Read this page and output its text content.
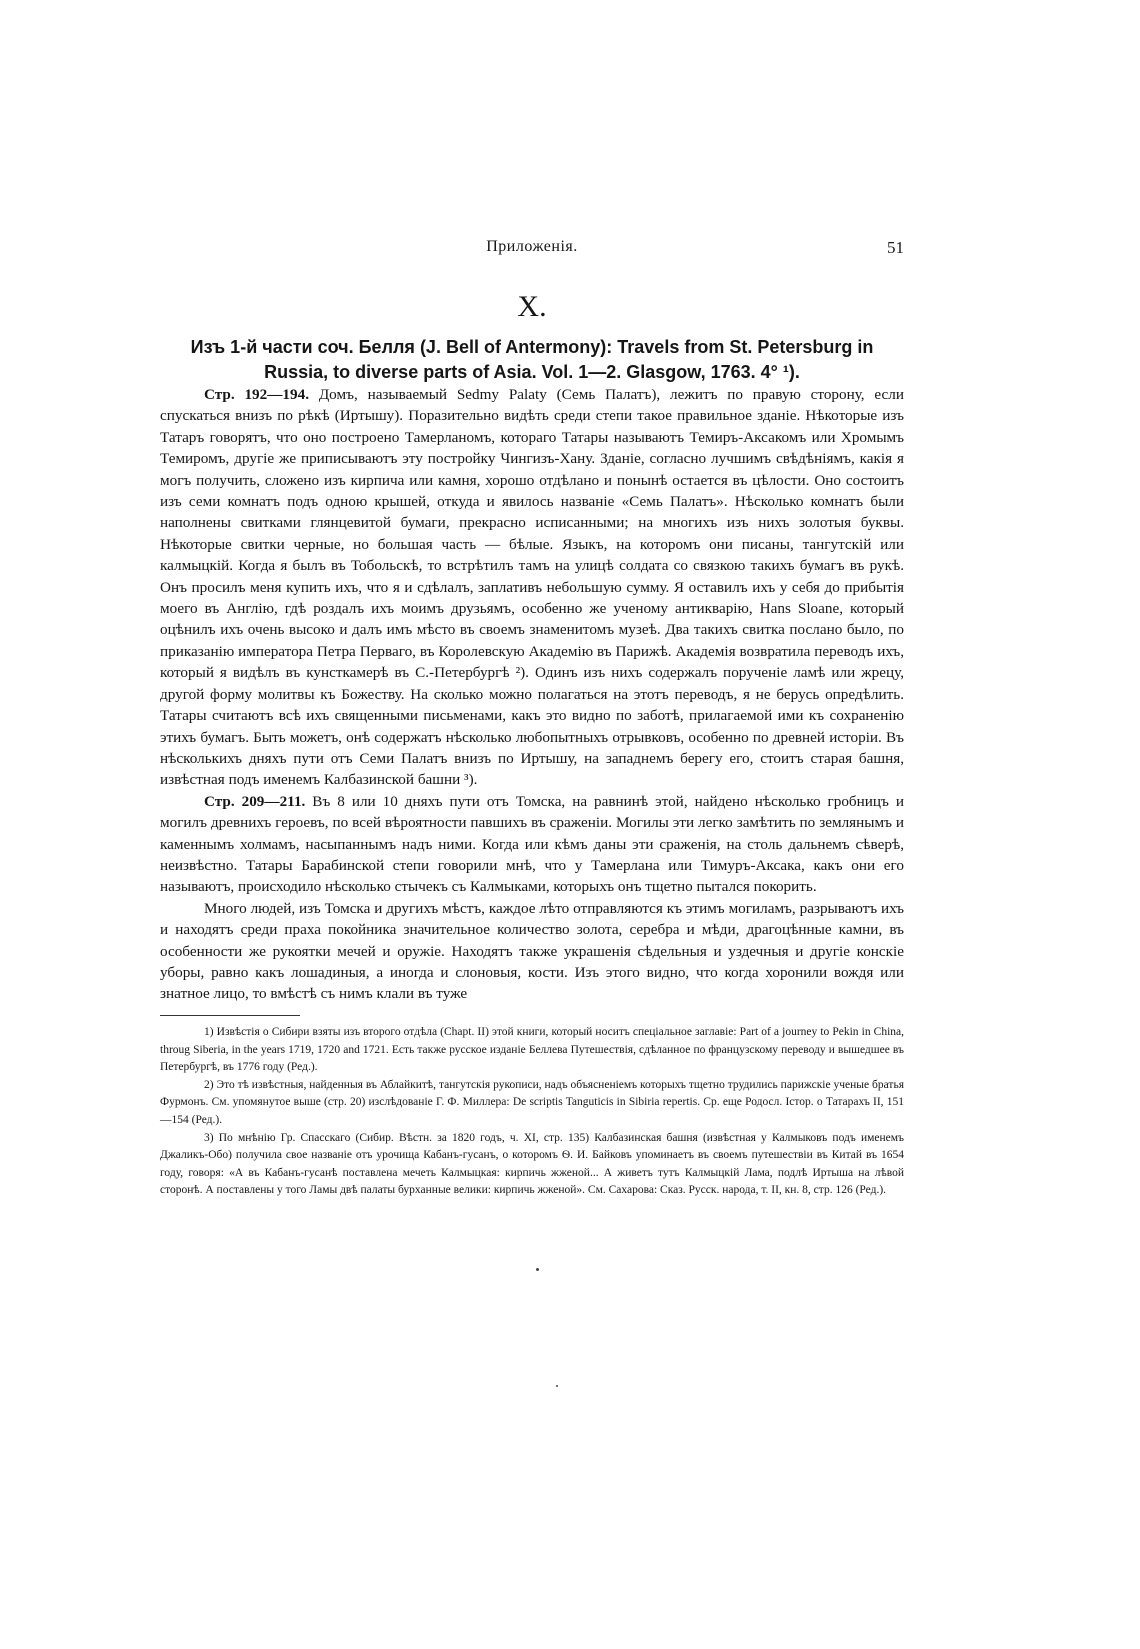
Приложенія.	51
X.
Изъ 1-й части соч. Белля (J. Bell of Antermony): Travels from St. Petersburg in Russia, to diverse parts of Asia. Vol. 1—2. Glasgow, 1763. 4° ¹).

Стр. 192—194. Домъ, называемый Sedmy Palaty (Семь Палатъ), лежитъ по правую сторону, если спускаться внизъ по рѣкѣ (Иртышу). Поразительно видѣть среди степи такое правильное зданіе. Нѣкоторые изъ Татаръ говорятъ, что оно построено Тамерланомъ, котораго Татары называютъ Темиръ-Аксакомъ или Хромымъ Темиромъ, другіе же приписываютъ эту постройку Чингизъ-Хану. Зданіе, согласно лучшимъ свѣдѣніямъ, какія я могъ получить, сложено изъ кирпича или камня, хорошо отдѣлано и понынѣ остается въ цѣлости. Оно состоитъ изъ семи комнатъ подъ одною крышей, откуда и явилось названіе «Семь Палатъ». Нѣсколько комнатъ были наполнены свитками глянцевитой бумаги, прекрасно исписанными; на многихъ изъ нихъ золотыя буквы. Нѣкоторые свитки черные, но большая часть — бѣлые. Языкъ, на которомъ они писаны, тангутскій или калмыцкій. Когда я былъ въ Тобольскѣ, то встрѣтилъ тамъ на улицѣ солдата со связкою такихъ бумагъ въ рукѣ. Онъ просилъ меня купить ихъ, что я и сдѣлалъ, заплативъ небольшую сумму. Я оставилъ ихъ у себя до прибытія моего въ Англію, гдѣ роздалъ ихъ моимъ друзьямъ, особенно же ученому антикварію, Hans Sloane, который оцѣнилъ ихъ очень высоко и далъ имъ мѣсто въ своемъ знаменитомъ музеѣ. Два такихъ свитка послано было, по приказанію императора Петра Перваго, въ Королевскую Академію въ Парижѣ. Академія возвратила переводъ ихъ, который я видѣлъ въ кунсткамерѣ въ С.-Петербургѣ ²). Одинъ изъ нихъ содержалъ порученіе ламѣ или жрецу, другой форму молитвы къ Божеству. На сколько можно полагаться на этотъ переводъ, я не берусь опредѣлить. Татары считаютъ всѣ ихъ священными письменами, какъ это видно по заботѣ, прилагаемой ими къ сохраненію этихъ бумагъ. Быть можетъ, онѣ содержатъ нѣсколько любопытныхъ отрывковъ, особенно по древней исторіи. Въ нѣсколькихъ дняхъ пути отъ Семи Палатъ внизъ по Иртышу, на западнемъ берегу его, стоитъ старая башня, извѣстная подъ именемъ Калбазинской башни ³).

Стр. 209—211. Въ 8 или 10 дняхъ пути отъ Томска, на равнинѣ этой, найдено нѣсколько гробницъ и могилъ древнихъ героевъ, по всей вѣроятности павшихъ въ сраженіи. Могилы эти легко замѣтить по землянымъ и каменнымъ холмамъ, насыпаннымъ надъ ними. Когда или кѣмъ даны эти сраженія, на столь дальнемъ сѣверѣ, неизвѣстно. Татары Барабинской степи говорили мнѣ, что у Тамерлана или Тимуръ-Аксака, какъ они его называютъ, происходило нѣсколько стычекъ съ Калмыками, которыхъ онъ тщетно пытался покорить.

Много людей, изъ Томска и другихъ мѣстъ, каждое лѣто отправляются къ этимъ могиламъ, разрываютъ ихъ и находятъ среди праха покойника значительное количество золота, серебра и мѣди, драгоцѣнные камни, въ особенности же рукоятки мечей и оружіе. Находятъ также украшенія сѣдельныя и уздечныя и другіе конскіе уборы, равно какъ лошадиныя, а иногда и слоновыя, кости. Изъ этого видно, что когда хоронили вождя или знатное лицо, то вмѣстѣ съ нимъ клали въ туже

1) Извѣстія о Сибири взяты изъ второго отдѣла (Chapt. II) этой книги, который носитъ спеціальное заглавіе: Part of a journey to Pekin in China, throug Siberia, in the years 1719, 1720 and 1721. Есть также русское изданіе Беллева Путешествія, сдѣланное по французскому переводу и вышедшее въ Петербургѣ, въ 1776 году (Ред.).

2) Это тѣ извѣстныя, найденныя въ Аблайкитѣ, тангутскія рукописи, надъ объясненіемъ которыхъ тщетно трудились парижскіе ученые братья Фурмонъ. См. упомянутое выше (стр. 20) изслѣдованіе Г. Ф. Миллера: De scriptis Tanguticis in Sibiria repertis. Ср. еще Родосл. Істор. о Татарахъ II, 151—154 (Ред.).

3) По мнѣнію Гр. Спасскаго (Сибир. Вѣстн. за 1820 годъ, ч. XI, стр. 135) Калбазинская башня (извѣстная у Калмыковъ подъ именемъ Джаликъ-Обо) получила свое названіе отъ урочища Кабанъ-гусанъ, о которомъ Ѳ. И. Байковъ упоминаетъ въ своемъ путешествіи въ Китай въ 1654 году, говоря: «А въ Кабанъ-гусанѣ поставлена мечеть Калмыцкая: кирпичь жженой... А живетъ тутъ Калмыцкій Лама, подлѣ Иртыша на лѣвой сторонѣ. А поставлены у того Ламы двѣ палаты бурханные велики: кирпичь жженой». См. Сахарова: Сказ. Русск. народа, т. II, кн. 8, стр. 126 (Ред.).
